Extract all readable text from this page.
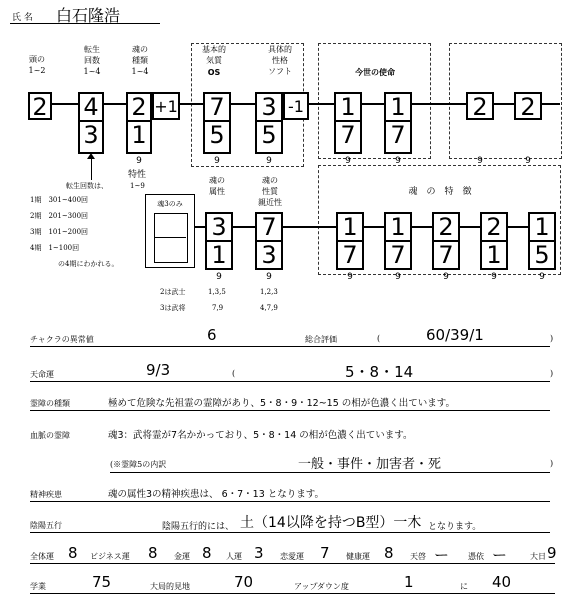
氏 名 白石隆浩
頭の
1~2
転生
回数
1~4
魂の
種類
1~4
基本的
気質
OS
具体的
性格
ソフト	今世の使命
2 4
3
2
1
+1 7
5
3
5
-1 1
7
1
7
2 2
9	9	9	9	9	9	9
転生回数は、
1期　301~400回
2期　201~300回
3期　101~200回
4期　1~100回
の4期にわかれる。
特性
1~9
魂3のみ
魂の
属性
魂の
性質
親近性
魂　の　特　徴
3
1
7
3
1
7
1
7
2
7
2
1
1
5
9	9	9	9	9	9	9
2は武士
3は武将
1,3,5
7,9
1,2,3
4,7,9
チャクラの異常値	6	総合評価	(	60/39/1	)
天命運	9/3	(	5・8・14	)
霊障の種類	極めて危険な先祖霊の霊障があり、5・8・9・12~15 の相が色濃く出ています。
血脈の霊障	魂3：武将霊が7名かかっており、5・8・14 の相が色濃く出ています。
(※霊障5の内訳	一般・事件・加害者・死	)
精神疾患	魂の属性3の精神疾患は、 6・7・13 となります。
陰陽五行	陰陽五行的には、 土（14以降を持つB型）一木 となります。
全体運 8 ビジネス運 8 金運 8 人運 3 恋愛運 7 健康運 8 天啓 ー 憑依 ー	大日 9
学業	75	大局的見地	70	アップダウン度	1	に 40
